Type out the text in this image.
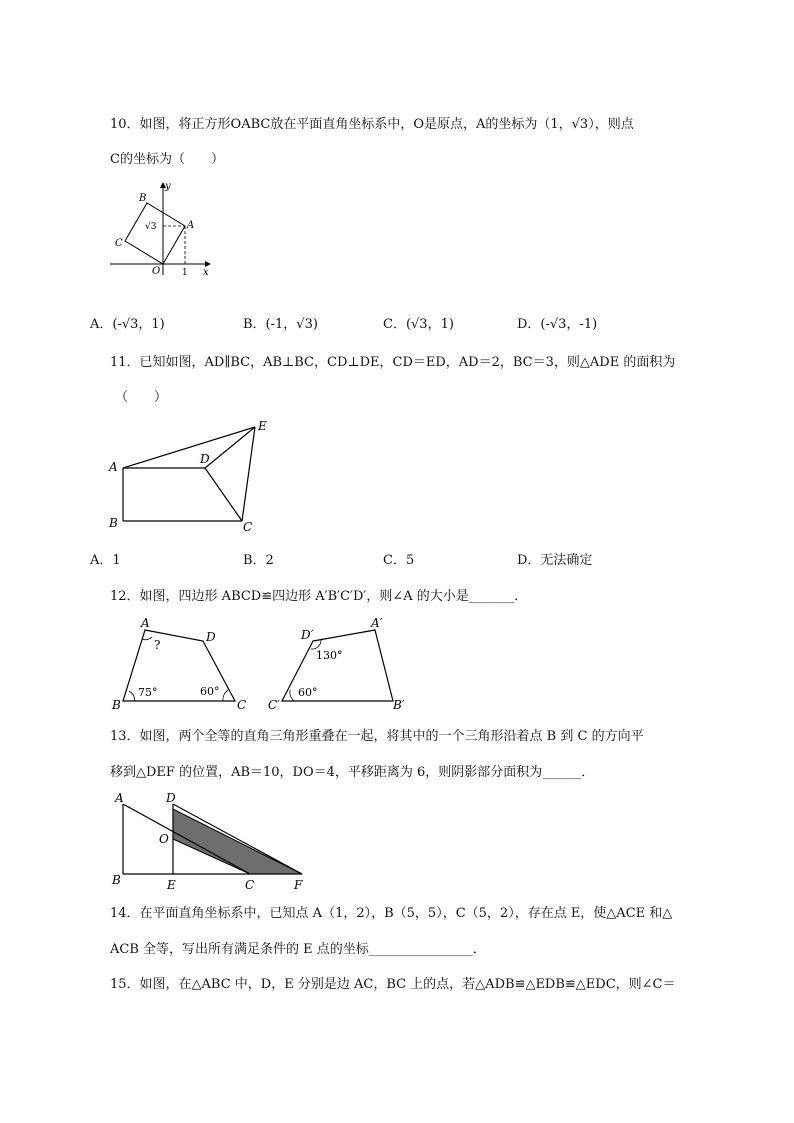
10．如图，将正方形OABC放在平面直角坐标系中，O是原点，A的坐标为（1，√3），则点
C的坐标为（　　）
B
A
C
O
y
x
1
√3
A．(-√3，1)	B．(-1，√3)	C．(√3，1)	D．(-√3，-1)
11．已知如图，AD∥BC，AB⊥BC，CD⊥DE，CD＝ED，AD＝2，BC＝3，则△ADE 的面积为
（　　）
A
B	C
D
E
A．1	B．2	C．5	D．无法确定
12．如图，四边形 ABCD≌四边形 A′B′C′D′，则∠A 的大小是_______．
A
D
B	C
?
75°	60°
D′
A′
B′
C′
130°
60°
13．如图，两个全等的直角三角形重叠在一起，将其中的一个三角形沿着点 B 到 C 的方向平
移到△DEF 的位置，AB＝10，DO＝4，平移距离为 6，则阴影部分面积为______．
A
B	E	C	F
D
O
14．在平面直角坐标系中，已知点 A（1，2），B（5，5），C（5，2），存在点 E，使△ACE 和△
ACB 全等，写出所有满足条件的 E 点的坐标________________．
15．如图，在△ABC 中，D，E 分别是边 AC，BC 上的点，若△ADB≌△EDB≌△EDC，则∠C＝
